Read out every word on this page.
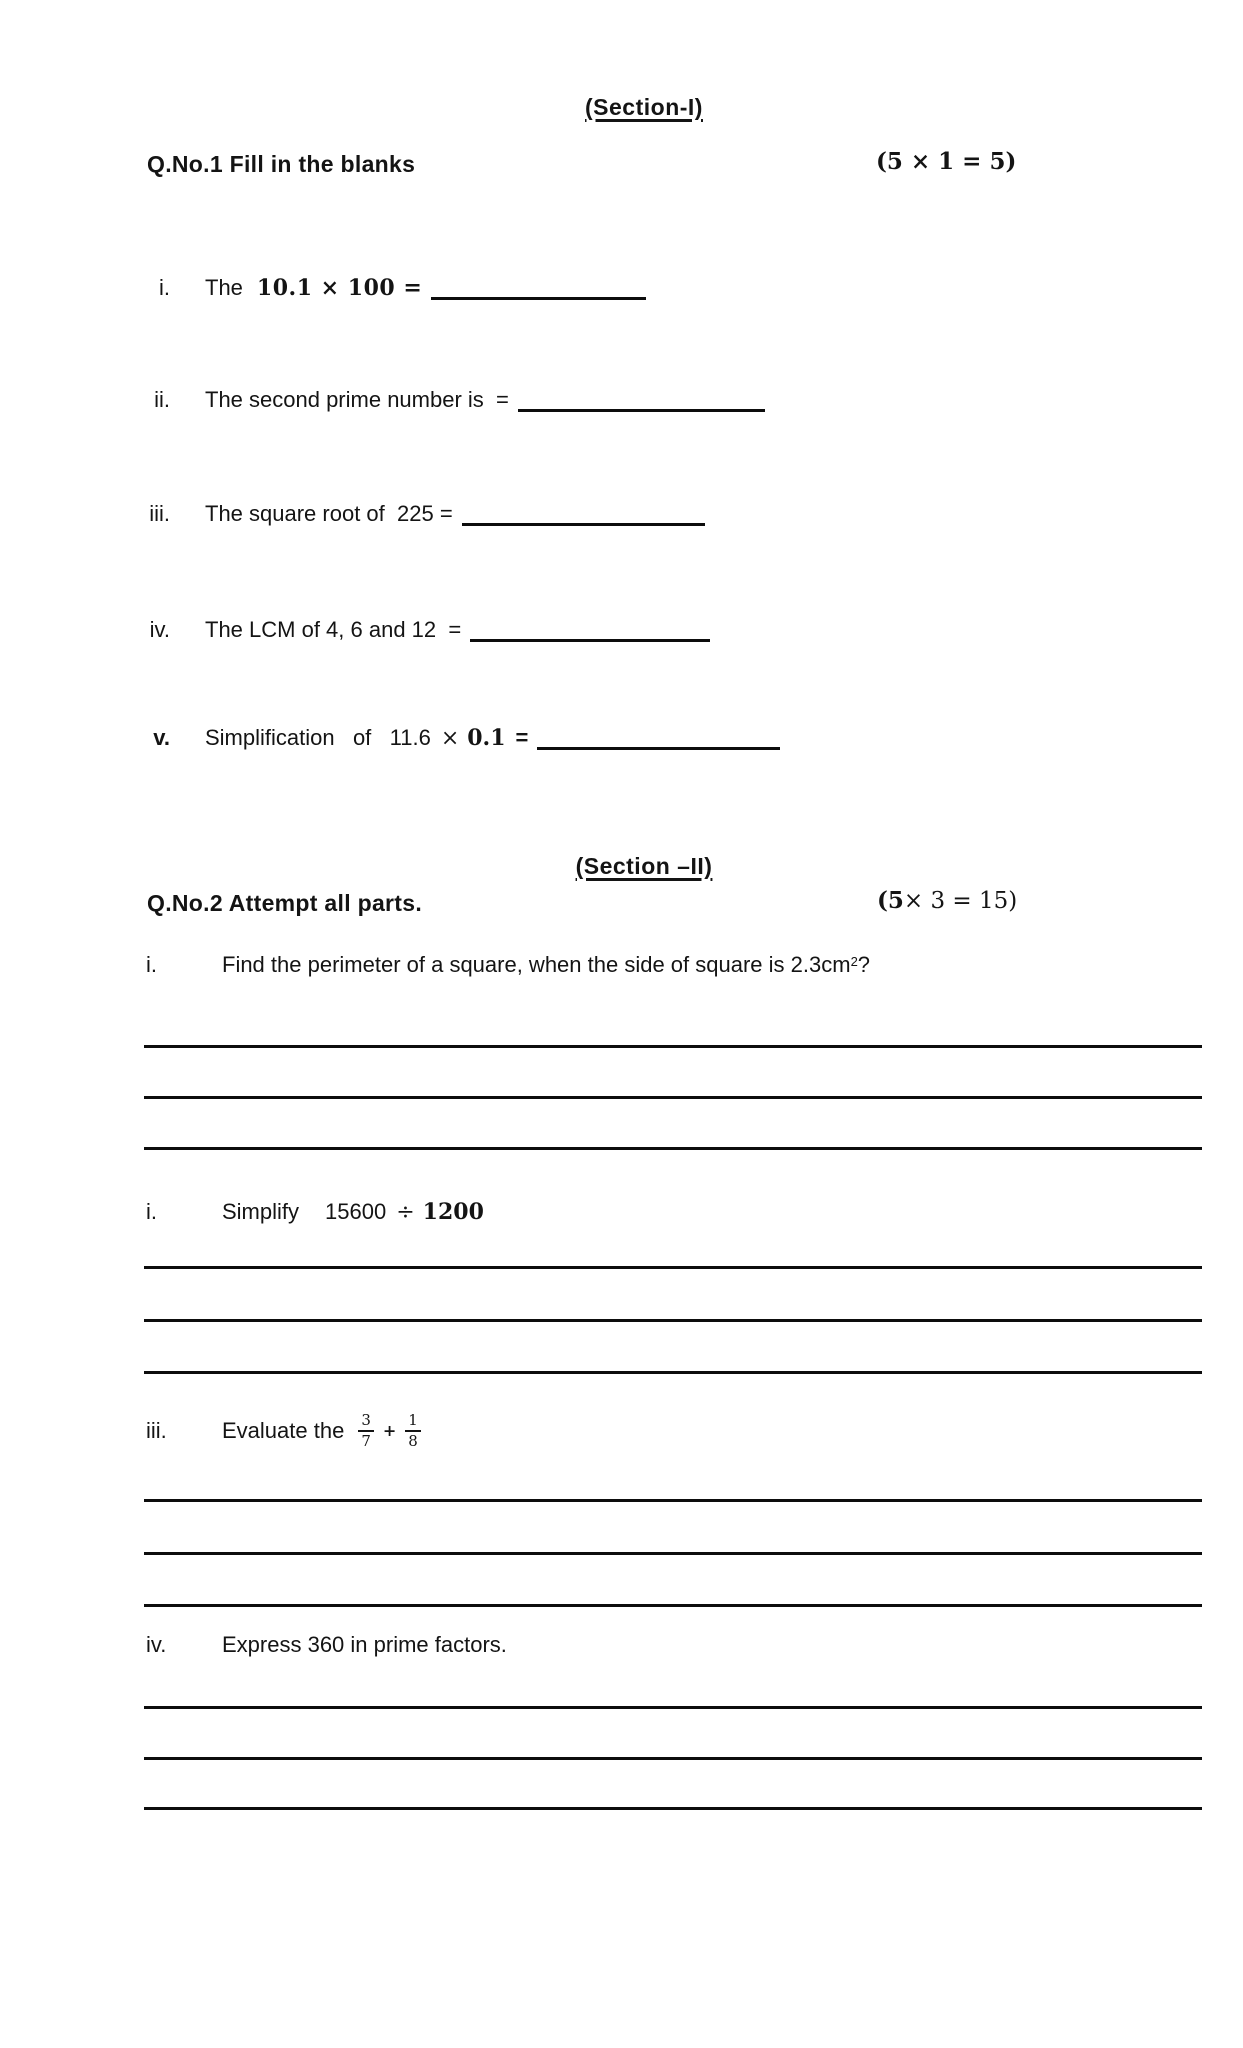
(Section-I)
Q.No.1 Fill in the blanks	(5 × 1 = 5)
i. The 10.1 × 100 =
ii. The second prime number is  =
iii. The square root of  225 =
iv. The LCM of 4, 6 and 12  =
v. Simplification   of   11.6 × 0.1 =
(Section –II)
Q.No.2 Attempt all parts.	(5× 3 = 15)
i.	Find the perimeter of a square, when the side of square is $2.3cm^2$?
i.	Simplify 15600 ÷ 1200
iii.	Evaluate the $\frac{3}{7} + \frac{1}{8}$
iv.	Express 360 in prime factors.
